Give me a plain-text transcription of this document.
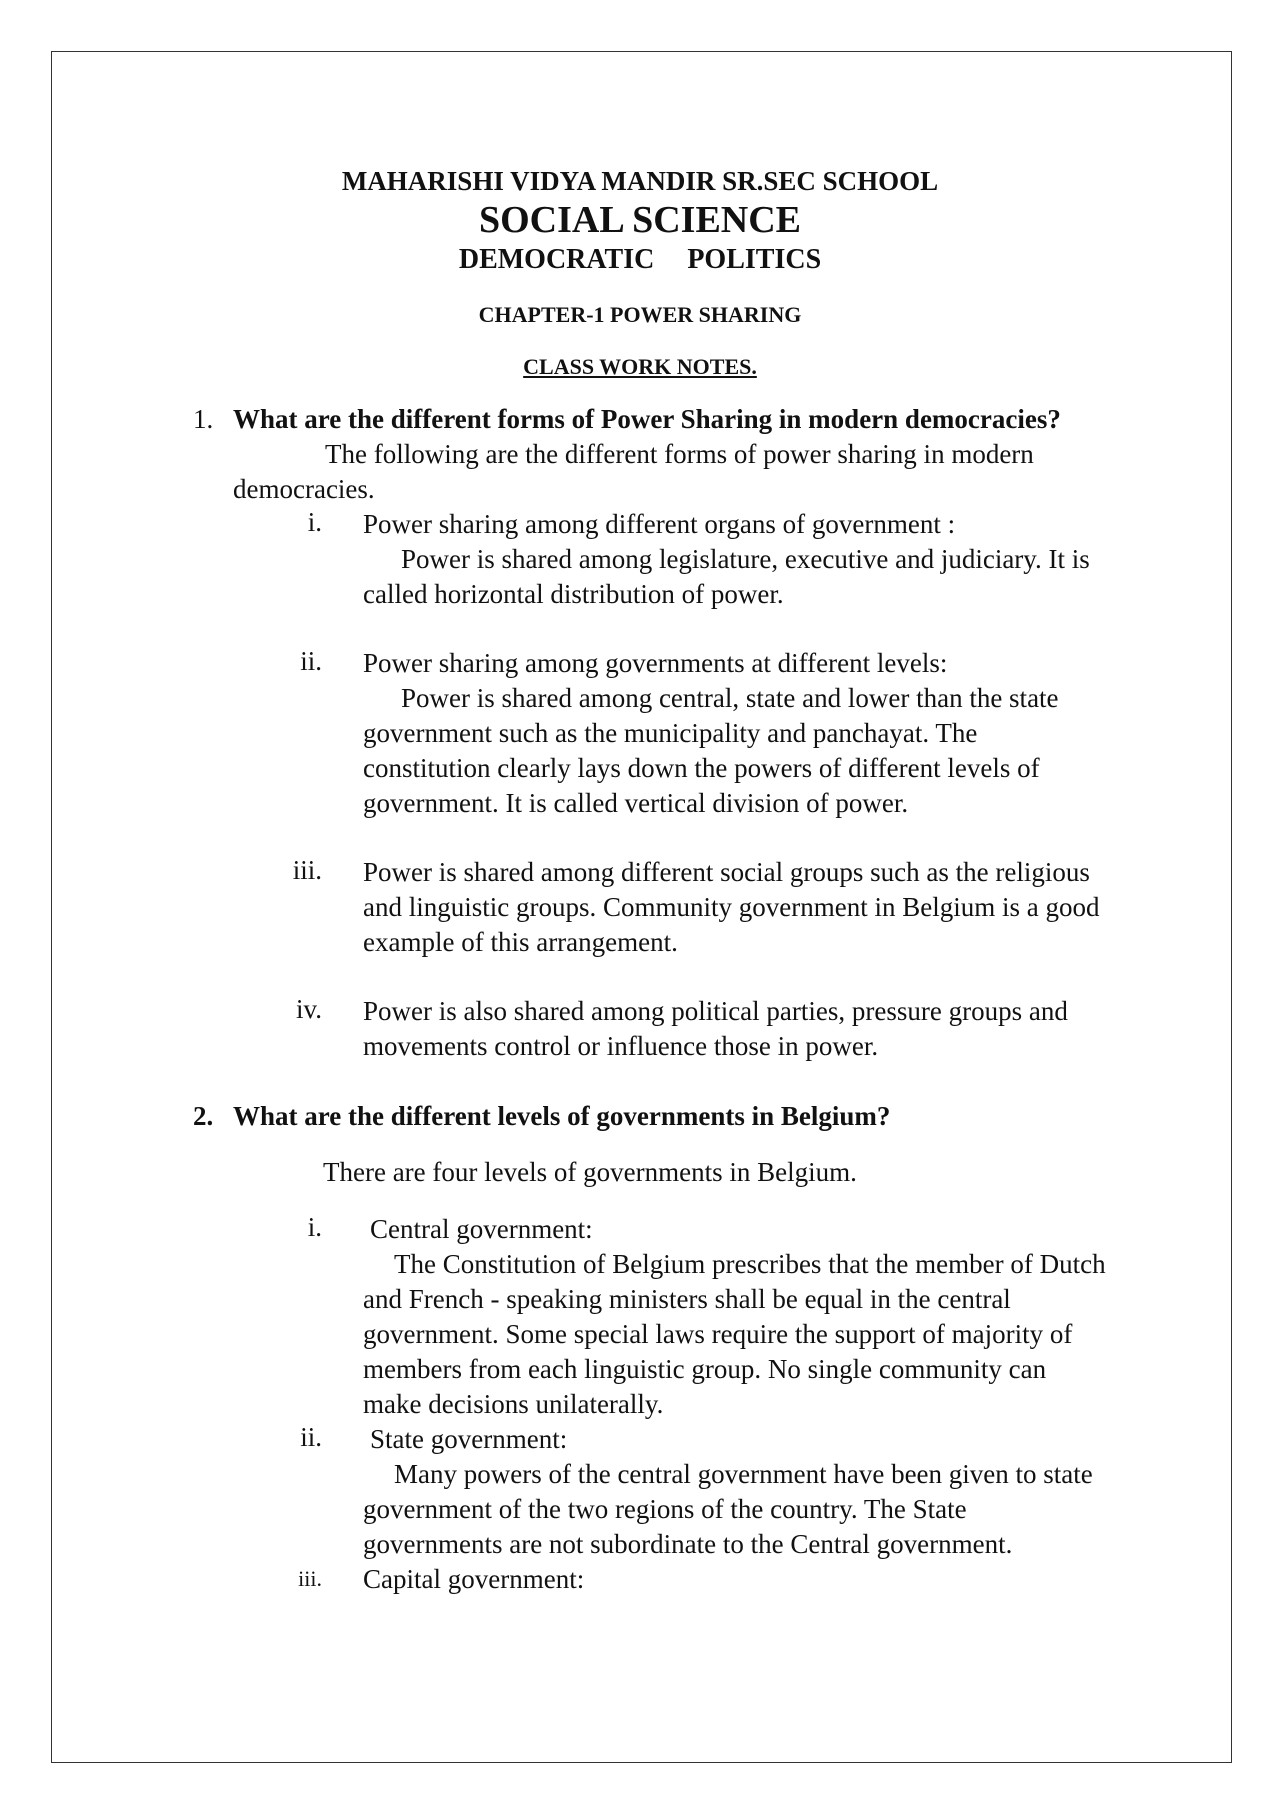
MAHARISHI VIDYA MANDIR SR.SEC SCHOOL
SOCIAL SCIENCE
DEMOCRATIC   POLITICS
CHAPTER-1 POWER SHARING
CLASS WORK NOTES.
1. What are the different forms of Power Sharing in modern democracies?
The following are the different forms of power sharing in modern
democracies.
i. Power sharing among different organs of government :
Power is shared among legislature, executive and judiciary. It is
called horizontal distribution of power.
ii. Power sharing among governments at different levels:
Power is shared among central, state and lower than the state
government such as the municipality and panchayat. The
constitution clearly lays down the powers of different levels of
government. It is called vertical division of power.
iii. Power is shared among different social groups such as the religious
and linguistic groups. Community government in Belgium is a good
example of this arrangement.
iv. Power is also shared among political parties, pressure groups and
movements control or influence those in power.
2. What are the different levels of governments in Belgium?
There are four levels of governments in Belgium.
i. Central government:
The Constitution of Belgium prescribes that the member of Dutch
and French - speaking ministers shall be equal in the central
government. Some special laws require the support of majority of
members from each linguistic group. No single community can
make decisions unilaterally.
ii. State government:
Many powers of the central government have been given to state
government of the two regions of the country. The State
governments are not subordinate to the Central government.
iii. Capital government:
